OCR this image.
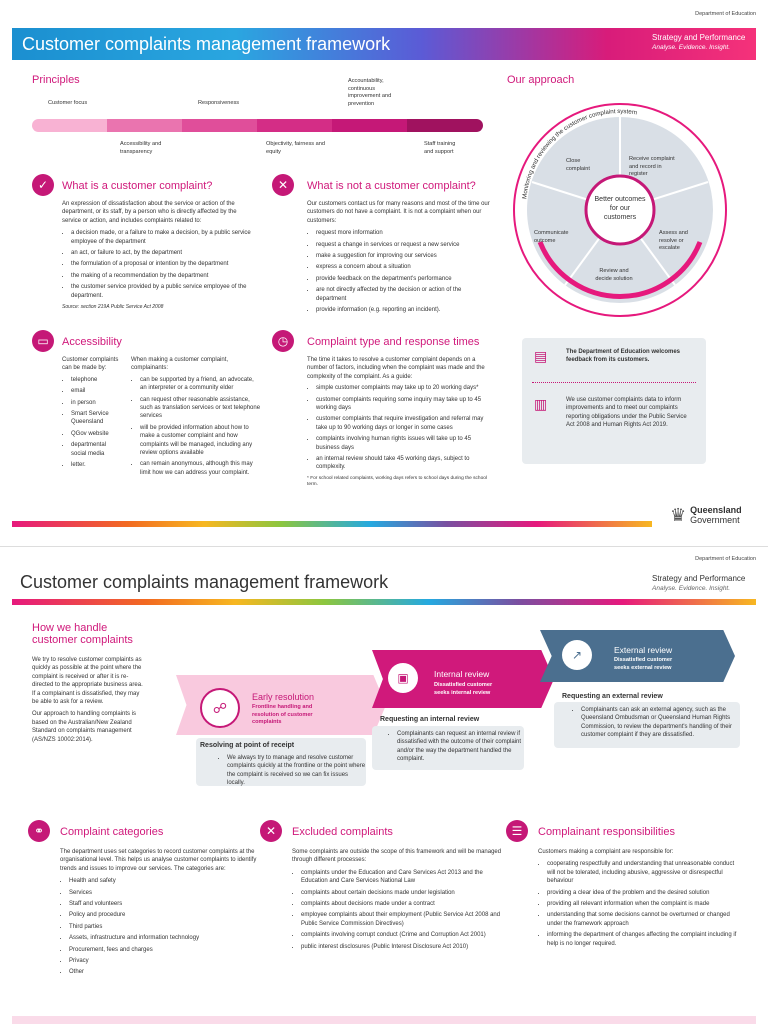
Department of Education
Customer complaints management framework	Strategy and Performance
Analyse. Evidence. Insight.
Principles
Customer focus	Responsiveness
Accountability, continuous improvement and prevention
Accessibility and transparency
Objectivity, fairness and equity
Staff training and support
Our approach
Monitoring and reviewing the customer complaint system
Better outcomes for our customers
Receive complaint and record in register
Assess and resolve or escalate
Review and decide solution
Communicate outcome
Close complaint
✓	What is a customer complaint?
An expression of dissatisfaction about the service or action of the department, or its staff, by a person who is directly affected by the service or action, and includes complaints related to:
• a decision made, or a failure to make a decision, by a public service employee of the department
• an act, or failure to act, by the department
• the formulation of a proposal or intention by the department
• the making of a recommendation by the department
• the customer service provided by a public service employee of the department.
Source: section 219A Public Service Act 2008
✕	What is not a customer complaint?
Our customers contact us for many reasons and most of the time our customers do not have a complaint. It is not a complaint when our customers:
• request more information
• request a change in services or request a new service
• make a suggestion for improving our services
• express a concern about a situation
• provide feedback on the department's performance
• are not directly affected by the decision or action of the department
• provide information (e.g. reporting an incident).
▭	Accessibility
Customer complaints can be made by:
• telephone
• email
• in person
• Smart Service Queensland
• QGov website
• departmental social media
• letter.
When making a customer complaint, complainants:
• can be supported by a friend, an advocate, an interpreter or a community elder
• can request other reasonable assistance, such as translation services or text telephone services
• will be provided information about how to make a customer complaint and how complaints will be managed, including any review options available
• can remain anonymous, although this may limit how we can address your complaint.
◷	Complaint type and response times
The time it takes to resolve a customer complaint depends on a number of factors, including when the complaint was made and the complexity of the complaint. As a guide:
• simple customer complaints may take up to 20 working days*
• customer complaints requiring some inquiry may take up to 45 working days
• customer complaints that require investigation and referral may take up to 90 working days or longer in some cases
• complaints involving human rights issues will take up to 45 business days
• an internal review should take 45 working days, subject to complexity.
* For school related complaints, working days refers to school days during the school term.
▤	The Department of Education welcomes feedback from its customers.
▥	We use customer complaints data to inform improvements and to meet our complaints reporting obligations under the Public Service Act 2008 and Human Rights Act 2019.
♛ Queensland
Government
Department of Education
Customer complaints management framework	Strategy and Performance
Analyse. Evidence. Insight.
How we handle customer complaints
We try to resolve customer complaints as quickly as possible at the point where the complaint is received or after it is re-directed to the appropriate business area. If a complainant is dissatisfied, they may be able to ask for a review.
Our approach to handling complaints is based on the Australian/New Zealand Standard on complaints management (AS/NZS 10002:2014).
☍
Early resolution
Frontline handling and resolution of customer complaints
▣	Internal review
Dissatisfied customer seeks internal review
↗	External review
Dissatisfied customer seeks external review
Resolving at point of receipt
• We always try to manage and resolve customer complaints quickly at the frontline or the point where the complaint is received so we can fix issues locally.
Requesting an internal review
• Complainants can request an internal review if dissatisfied with the outcome of their complaint and/or the way the department handled the complaint.
Requesting an external review
• Complainants can ask an external agency, such as the Queensland Ombudsman or Queensland Human Rights Commission, to review the department's handling of their customer complaint if they are dissatisfied.
⚭	Complaint categories
The department uses set categories to record customer complaints at the organisational level. This helps us analyse customer complaints to identify trends and issues to improve our services. The categories are:
• Health and safety
• Services
• Staff and volunteers
• Policy and procedure
• Third parties
• Assets, infrastructure and information technology
• Procurement, fees and charges
• Privacy
• Other
✕	Excluded complaints
Some complaints are outside the scope of this framework and will be managed through different processes:
• complaints under the Education and Care Services Act 2013 and the Education and Care Services National Law
• complaints about certain decisions made under legislation
• complaints about decisions made under a contract
• employee complaints about their employment (Public Service Act 2008 and Public Service Commission Directives)
• complaints involving corrupt conduct (Crime and Corruption Act 2001)
• public interest disclosures (Public Interest Disclosure Act 2010)
☰	Complainant responsibilities
Customers making a complaint are responsible for:
• cooperating respectfully and understanding that unreasonable conduct will not be tolerated, including abusive, aggressive or disrespectful behaviour
• providing a clear idea of the problem and the desired solution
• providing all relevant information when the complaint is made
• understanding that some decisions cannot be overturned or changed under the framework approach
• informing the department of changes affecting the complaint including if help is no longer required.
